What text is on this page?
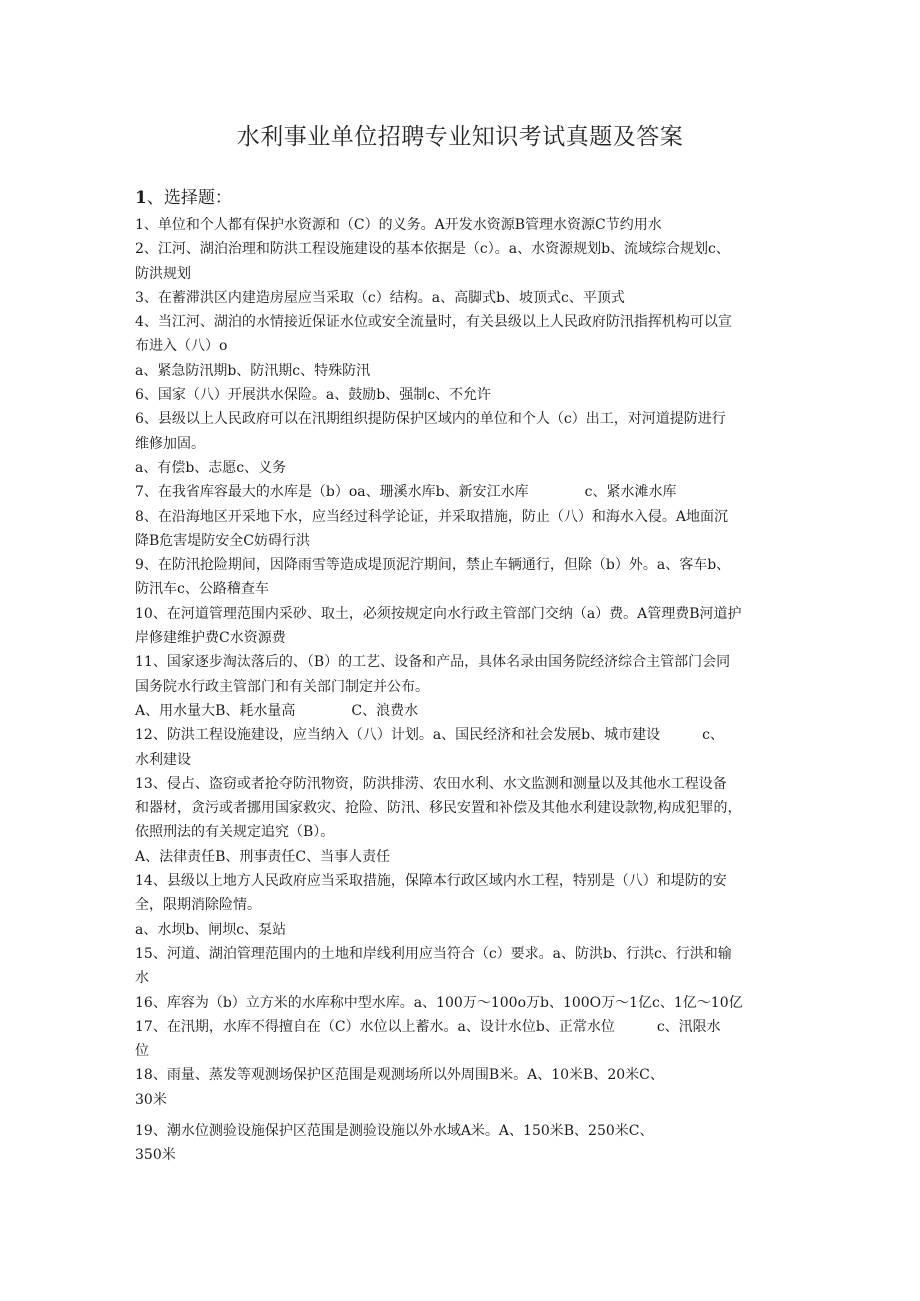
水利事业单位招聘专业知识考试真题及答案
1、选择题：

1、单位和个人都有保护水资源和（C）的义务。A开发水资源B管理水资源C节约用水

2、江河、湖泊治理和防洪工程设施建设的基本依据是（c）。a、水资源规划b、流域综合规划c、

防洪规划

3、在蓄滞洪区内建造房屋应当采取（c）结构。a、高脚式b、坡顶式c、平顶式

4、当江河、湖泊的水情接近保证水位或安全流量时，有关县级以上人民政府防汛指挥机构可以宣

布进入（八）o

a、紧急防汛期b、防汛期c、特殊防汛

6、国家（八）开展洪水保险。a、鼓励b、强制c、不允许

6、县级以上人民政府可以在汛期组织提防保护区域内的单位和个人（c）出工，对河道提防进行

维修加固。

a、有偿b、志愿c、义务

7、在我省库容最大的水库是（b）oa、珊溪水库b、新安江水库　　　　c、紧水滩水库

8、在沿海地区开采地下水，应当经过科学论证，并采取措施，防止（八）和海水入侵。A地面沉

降B危害堤防安全C妨碍行洪

9、在防汛抢险期间，因降雨雪等造成堤顶泥泞期间，禁止车辆通行，但除（b）外。a、客车b、

防汛车c、公路稽查车

10、在河道管理范围内采砂、取土，必须按规定向水行政主管部门交纳（a）费。A管理费B河道护

岸修建维护费C水资源费

11、国家逐步淘汰落后的、（B）的工艺、设备和产品，具体名录由国务院经济综合主管部门会同

国务院水行政主管部门和有关部门制定并公布。

A、用水量大B、耗水量高　　　　C、浪费水

12、防洪工程设施建设，应当纳入（八）计划。a、国民经济和社会发展b、城市建设　　　c、

水利建设

13、侵占、盗窃或者抢夺防汛物资，防洪排涝、农田水利、水文监测和测量以及其他水工程设备

和器材，贪污或者挪用国家救灾、抢险、防汛、移民安置和补偿及其他水利建设款物,构成犯罪的，

依照刑法的有关规定追究（B）。

A、法律责任B、刑事责任C、当事人责任

14、县级以上地方人民政府应当采取措施，保障本行政区域内水工程，特别是（八）和堤防的安

全，限期消除险情。

a、水坝b、闸坝c、泵站

15、河道、湖泊管理范围内的土地和岸线利用应当符合（c）要求。a、防洪b、行洪c、行洪和输

水

16、库容为（b）立方米的水库称中型水库。a、100万～100o万b、100O万～1亿c、1亿～10亿

17、在汛期，水库不得擅自在（C）水位以上蓄水。a、设计水位b、正常水位　　　c、汛限水

位

18、雨量、蒸发等观测场保护区范围是观测场所以外周围B米。A、10米B、20米C、

30米

19、潮水位测验设施保护区范围是测验设施以外水域A米。A、150米B、250米C、

350米
